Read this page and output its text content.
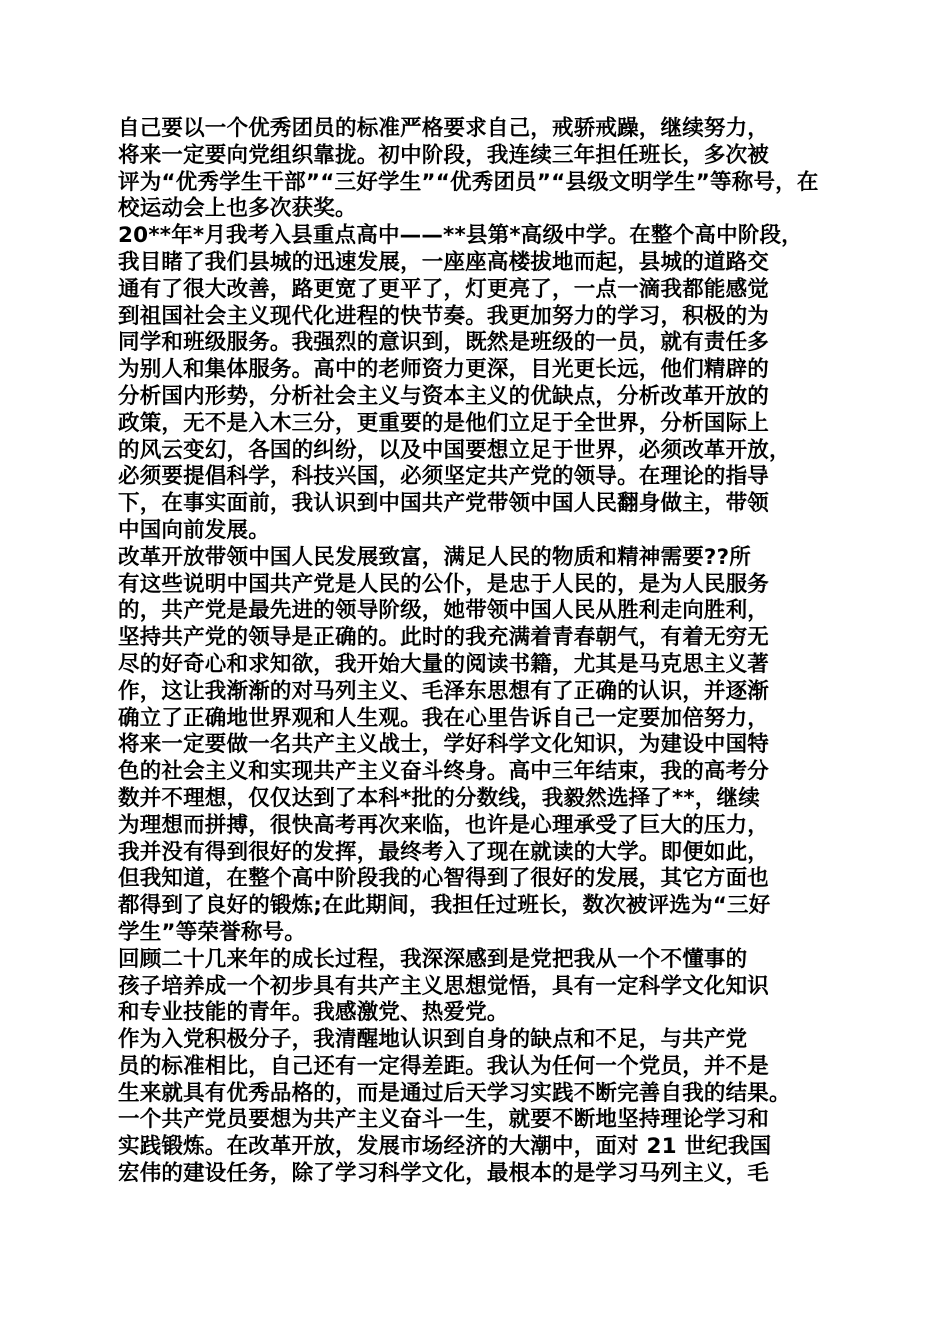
自己要以一个优秀团员的标准严格要求自己，戒骄戒躁，继续努力，
将来一定要向党组织靠拢。初中阶段，我连续三年担任班长，多次被
评为“优秀学生干部”“三好学生”“优秀团员”“县级文明学生”等称号，在
校运动会上也多次获奖。
20**年*月我考入县重点高中——**县第*高级中学。在整个高中阶段，
我目睹了我们县城的迅速发展，一座座高楼拔地而起，县城的道路交
通有了很大改善，路更宽了更平了，灯更亮了，一点一滴我都能感觉
到祖国社会主义现代化进程的快节奏。我更加努力的学习，积极的为
同学和班级服务。我强烈的意识到，既然是班级的一员，就有责任多
为别人和集体服务。高中的老师资力更深，目光更长远，他们精辟的
分析国内形势，分析社会主义与资本主义的优缺点，分析改革开放的
政策，无不是入木三分，更重要的是他们立足于全世界，分析国际上
的风云变幻，各国的纠纷，以及中国要想立足于世界，必须改革开放，
必须要提倡科学，科技兴国，必须坚定共产党的领导。在理论的指导
下，在事实面前，我认识到中国共产党带领中国人民翻身做主，带领
中国向前发展。
改革开放带领中国人民发展致富，满足人民的物质和精神需要??所
有这些说明中国共产党是人民的公仆，是忠于人民的，是为人民服务
的，共产党是最先进的领导阶级，她带领中国人民从胜利走向胜利，
坚持共产党的领导是正确的。此时的我充满着青春朝气，有着无穷无
尽的好奇心和求知欲，我开始大量的阅读书籍，尤其是马克思主义著
作，这让我渐渐的对马列主义、毛泽东思想有了正确的认识，并逐渐
确立了正确地世界观和人生观。我在心里告诉自己一定要加倍努力，
将来一定要做一名共产主义战士，学好科学文化知识，为建设中国特
色的社会主义和实现共产主义奋斗终身。高中三年结束，我的高考分
数并不理想，仅仅达到了本科*批的分数线，我毅然选择了**，继续
为理想而拼搏，很快高考再次来临，也许是心理承受了巨大的压力，
我并没有得到很好的发挥，最终考入了现在就读的大学。即便如此，
但我知道，在整个高中阶段我的心智得到了很好的发展，其它方面也
都得到了良好的锻炼;在此期间，我担任过班长，数次被评选为“三好
学生”等荣誉称号。
回顾二十几来年的成长过程，我深深感到是党把我从一个不懂事的
孩子培养成一个初步具有共产主义思想觉悟，具有一定科学文化知识
和专业技能的青年。我感激党、热爱党。
作为入党积极分子，我清醒地认识到自身的缺点和不足，与共产党
员的标准相比，自己还有一定得差距。我认为任何一个党员，并不是
生来就具有优秀品格的，而是通过后天学习实践不断完善自我的结果。
一个共产党员要想为共产主义奋斗一生，就要不断地坚持理论学习和
实践锻炼。在改革开放，发展市场经济的大潮中，面对 21 世纪我国
宏伟的建设任务，除了学习科学文化，最根本的是学习马列主义，毛
